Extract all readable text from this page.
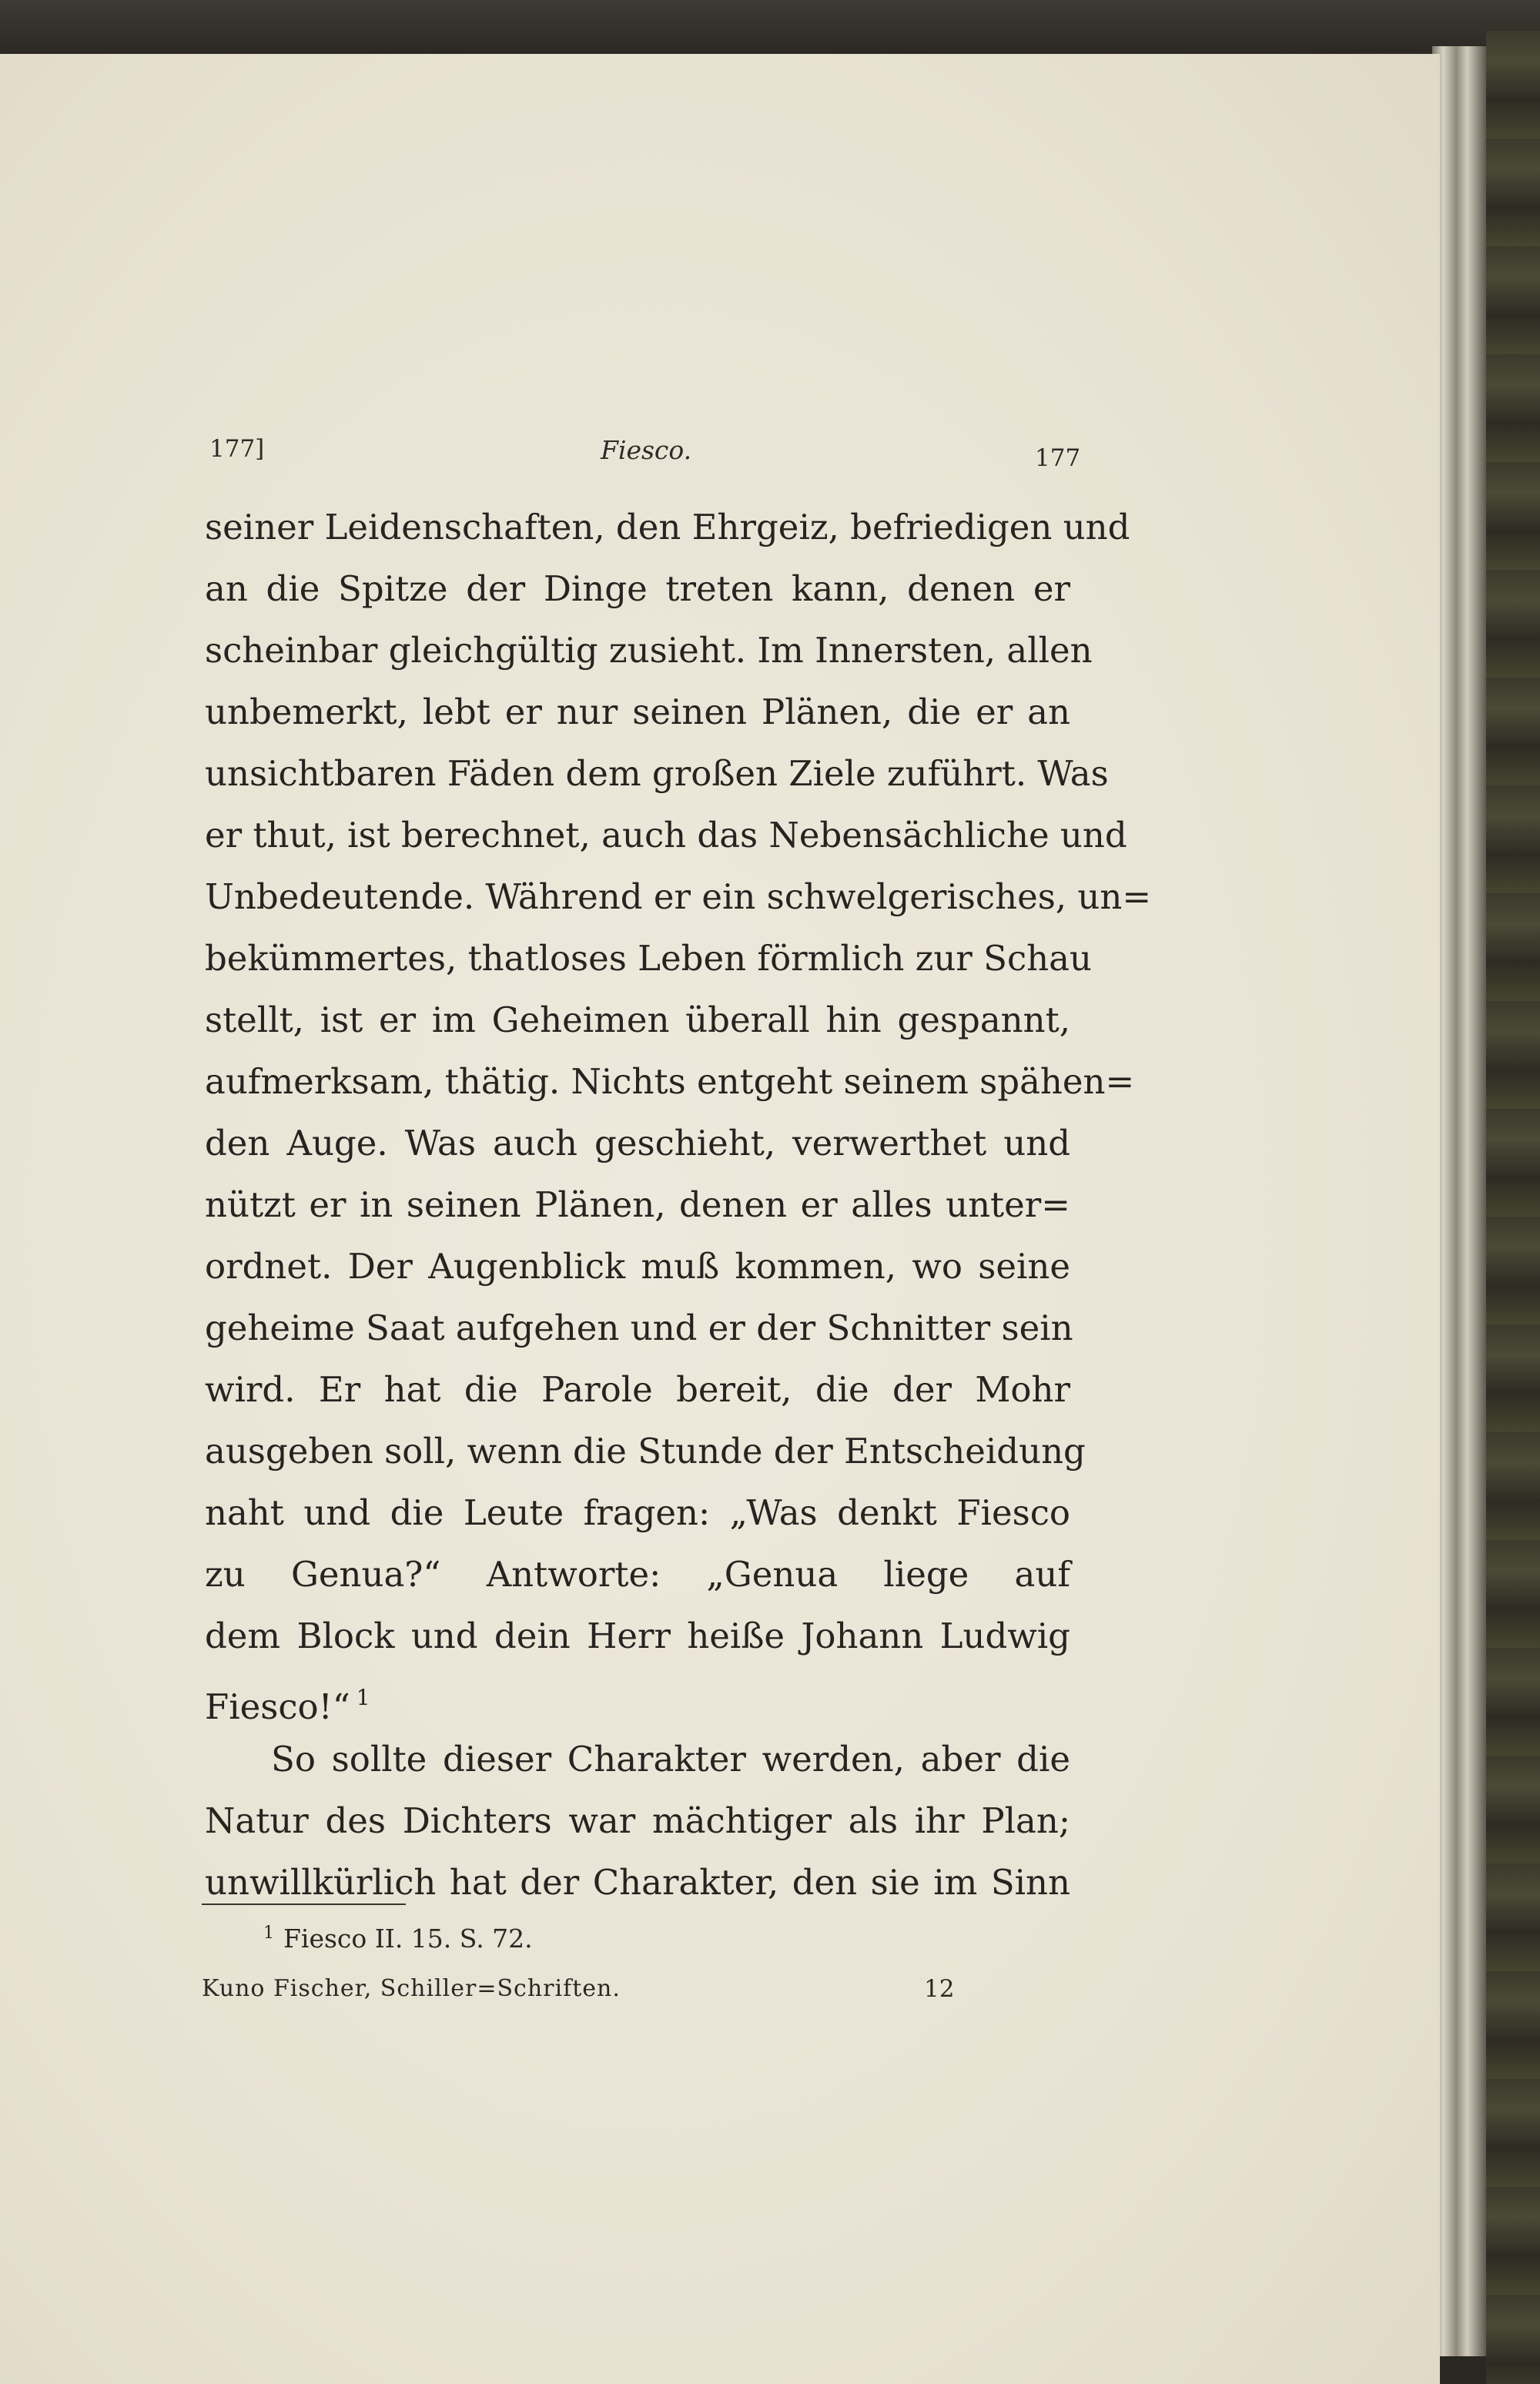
177]	Fiesco.	177
seiner Leidenschaften, den Ehrgeiz, befriedigen und
an die Spitze der Dinge treten kann, denen er
scheinbar gleichgültig zusieht. Im Innersten, allen
unbemerkt, lebt er nur seinen Plänen, die er an
unsichtbaren Fäden dem großen Ziele zuführt. Was
er thut, ist berechnet, auch das Nebensächliche und
Unbedeutende. Während er ein schwelgerisches, un=
bekümmertes, thatloses Leben förmlich zur Schau
stellt, ist er im Geheimen überall hin gespannt,
aufmerksam, thätig. Nichts entgeht seinem spähen=
den Auge. Was auch geschieht, verwerthet und
nützt er in seinen Plänen, denen er alles unter=
ordnet. Der Augenblick muß kommen, wo seine
geheime Saat aufgehen und er der Schnitter sein
wird. Er hat die Parole bereit, die der Mohr
ausgeben soll, wenn die Stunde der Entscheidung
naht und die Leute fragen: „Was denkt Fiesco
zu Genua?“ Antworte: „Genua liege auf
dem Block und dein Herr heiße Johann Ludwig
Fiesco!“ $^1$
So sollte dieser Charakter werden, aber die
Natur des Dichters war mächtiger als ihr Plan;
unwillkürlich hat der Charakter, den sie im Sinn
$^1$ Fiesco II. 15. S. 72.
Kuno Fischer, Schiller=Schriften.	12
